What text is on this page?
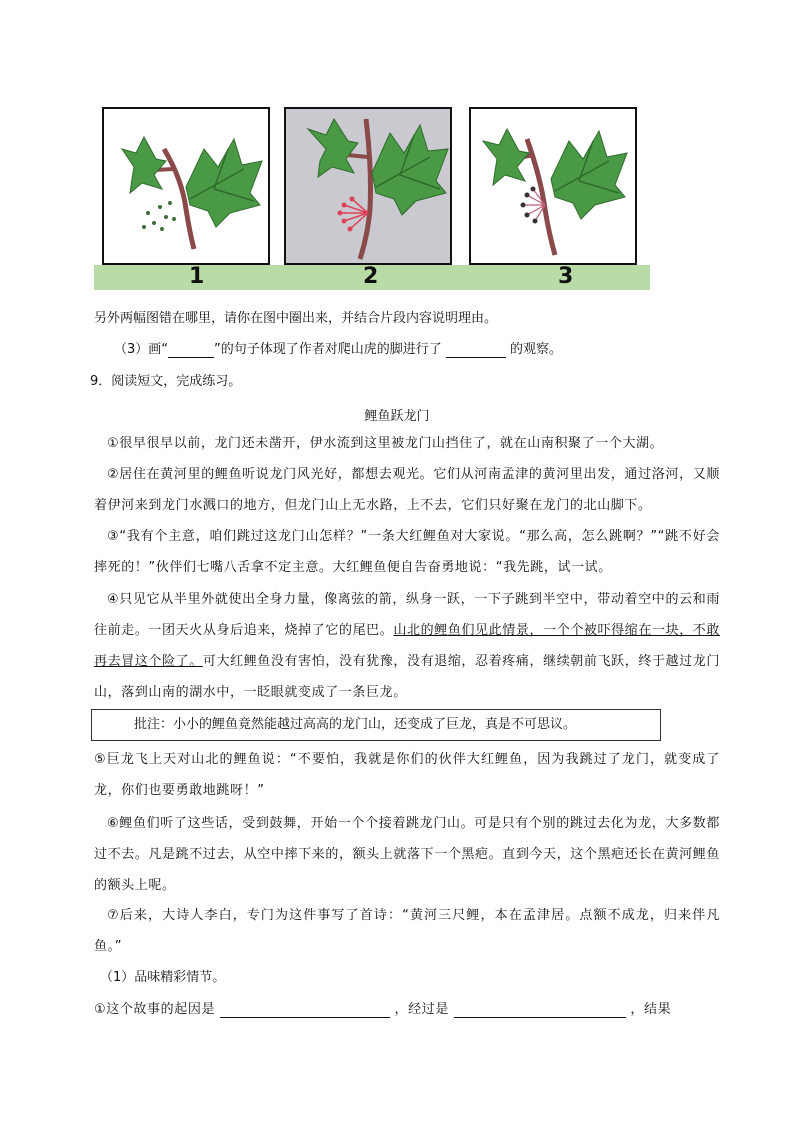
1	2	3
另外两幅图错在哪里，请你在图中圈出来，并结合片段内容说明理由。
（3）画“	”的句子体现了作者对爬山虎的脚进行了	的观察。
9．阅读短文，完成练习。
鲤鱼跃龙门
①很早很早以前，龙门还未凿开，伊水流到这里被龙门山挡住了，就在山南积聚了一个大湖。
②居住在黄河里的鲤鱼听说龙门风光好，都想去观光。它们从河南孟津的黄河里出发，通过洛河，又顺着伊河来到龙门水溅口的地方，但龙门山上无水路，上不去，它们只好聚在龙门的北山脚下。
③“我有个主意，咱们跳过这龙门山怎样？”一条大红鲤鱼对大家说。“那么高，怎么跳啊？”“跳不好会摔死的！”伙伴们七嘴八舌拿不定主意。大红鲤鱼便自告奋勇地说：“我先跳，试一试。
④只见它从半里外就使出全身力量，像离弦的箭，纵身一跃，一下子跳到半空中，带动着空中的云和雨往前走。一团天火从身后追来，烧掉了它的尾巴。山北的鲤鱼们见此情景，一个个被吓得缩在一块，不敢再去冒这个险了。可大红鲤鱼没有害怕，没有犹豫，没有退缩，忍着疼痛，继续朝前飞跃，终于越过龙门山，落到山南的湖水中，一眨眼就变成了一条巨龙。
批注：小小的鲤鱼竟然能越过高高的龙门山，还变成了巨龙，真是不可思议。
⑤巨龙飞上天对山北的鲤鱼说：“不要怕，我就是你们的伙伴大红鲤鱼，因为我跳过了龙门，就变成了龙，你们也要勇敢地跳呀！”
⑥鲤鱼们听了这些话，受到鼓舞，开始一个个接着跳龙门山。可是只有个别的跳过去化为龙，大多数都过不去。凡是跳不过去，从空中摔下来的，额头上就落下一个黑疤。直到今天，这个黑疤还长在黄河鲤鱼的额头上呢。
⑦后来，大诗人李白，专门为这件事写了首诗：“黄河三尺鲤，本在孟津居。点额不成龙，归来伴凡鱼。”
（1）品味精彩情节。
①这个故事的起因是	，经过是	，结果
